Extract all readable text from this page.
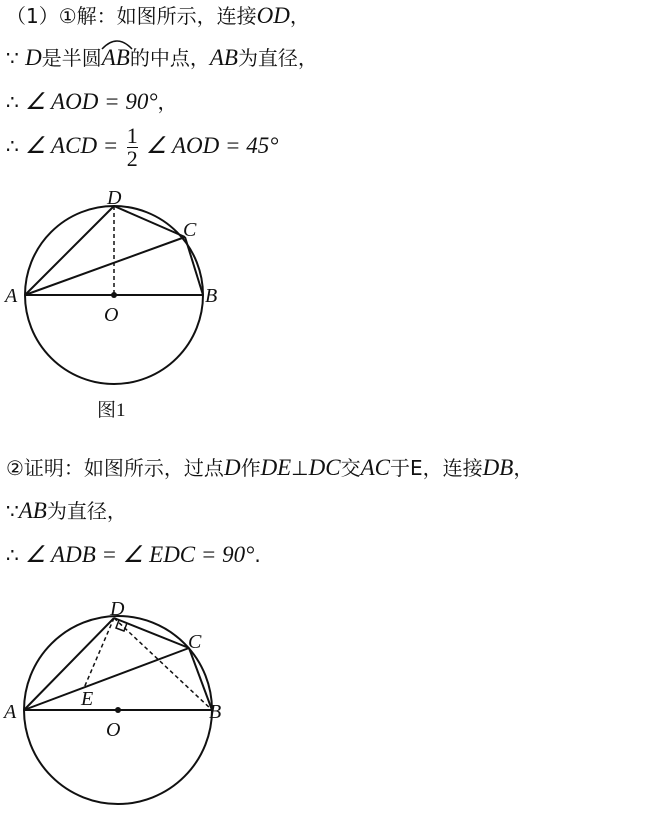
（1）①解：如图所示，连接OD，
∵ D是半圆
AB的中点，AB为直径，
∴ ∠ AOD = 90°，
∴ ∠ ACD = $\frac{1}{2}$ ∠ AOD = 45°
D
C
A	B
O
图1
②证明：如图所示，过点D作DE⊥DC交AC于E，连接DB，
∵AB为直径，
∴ ∠ ADB = ∠ EDC = 90°.
D
C
A	B
E
O
